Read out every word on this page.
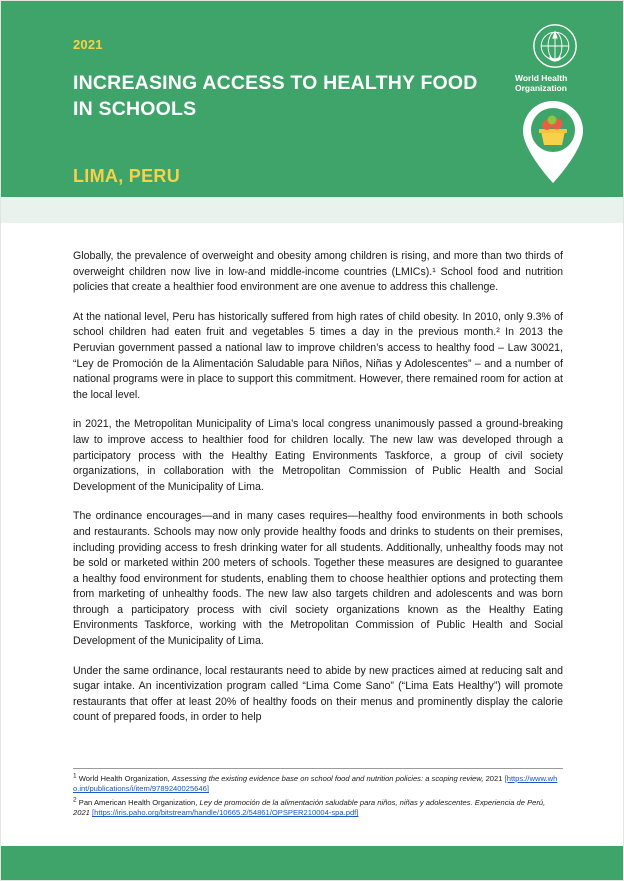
2021
INCREASING ACCESS TO HEALTHY FOOD
IN SCHOOLS
LIMA, PERU
World Health
Organization

Globally, the prevalence of overweight and obesity among children is rising, and more than two thirds of overweight children now live in low-and middle-income countries (LMICs).¹ School food and nutrition policies that create a healthier food environment are one avenue to address this challenge.

At the national level, Peru has historically suffered from high rates of child obesity. In 2010, only 9.3% of school children had eaten fruit and vegetables 5 times a day in the previous month.² In 2013 the Peruvian government passed a national law to improve children’s access to healthy food – Law 30021, “Ley de Promoción de la Alimentación Saludable para Niños, Niñas y Adolescentes” – and a number of national programs were in place to support this commitment. However, there remained room for action at the local level.

in 2021, the Metropolitan Municipality of Lima’s local congress unanimously passed a ground-breaking law to improve access to healthier food for children locally. The new law was developed through a participatory process with the Healthy Eating Environments Taskforce, a group of civil society organizations, in collaboration with the Metropolitan Commission of Public Health and Social Development of the Municipality of Lima.

The ordinance encourages—and in many cases requires—healthy food environments in both schools and restaurants. Schools may now only provide healthy foods and drinks to students on their premises, including providing access to fresh drinking water for all students. Additionally, unhealthy foods may not be sold or marketed within 200 meters of schools. Together these measures are designed to guarantee a healthy food environment for students, enabling them to choose healthier options and protecting them from marketing of unhealthy foods. The new law also targets children and adolescents and was born through a participatory process with civil society organizations known as the Healthy Eating Environments Taskforce, working with the Metropolitan Commission of Public Health and Social Development of the Municipality of Lima.

Under the same ordinance, local restaurants need to abide by new practices aimed at reducing salt and sugar intake. An incentivization program called “Lima Come Sano” (“Lima Eats Healthy”) will promote restaurants that offer at least 20% of healthy foods on their menus and prominently display the calorie count of prepared foods, in order to help

1 World Health Organization, Assessing the existing evidence base on school food and nutrition policies: a scoping review, 2021 [https://www.who.int/publications/i/item/9789240025646]

2 Pan American Health Organization, Ley de promoción de la alimentación saludable para niños, niñas y adolescentes. Experiencia de Perú, 2021 [https://iris.paho.org/bitstream/handle/10665.2/54861/OPSPER210004-spa.pdf]
